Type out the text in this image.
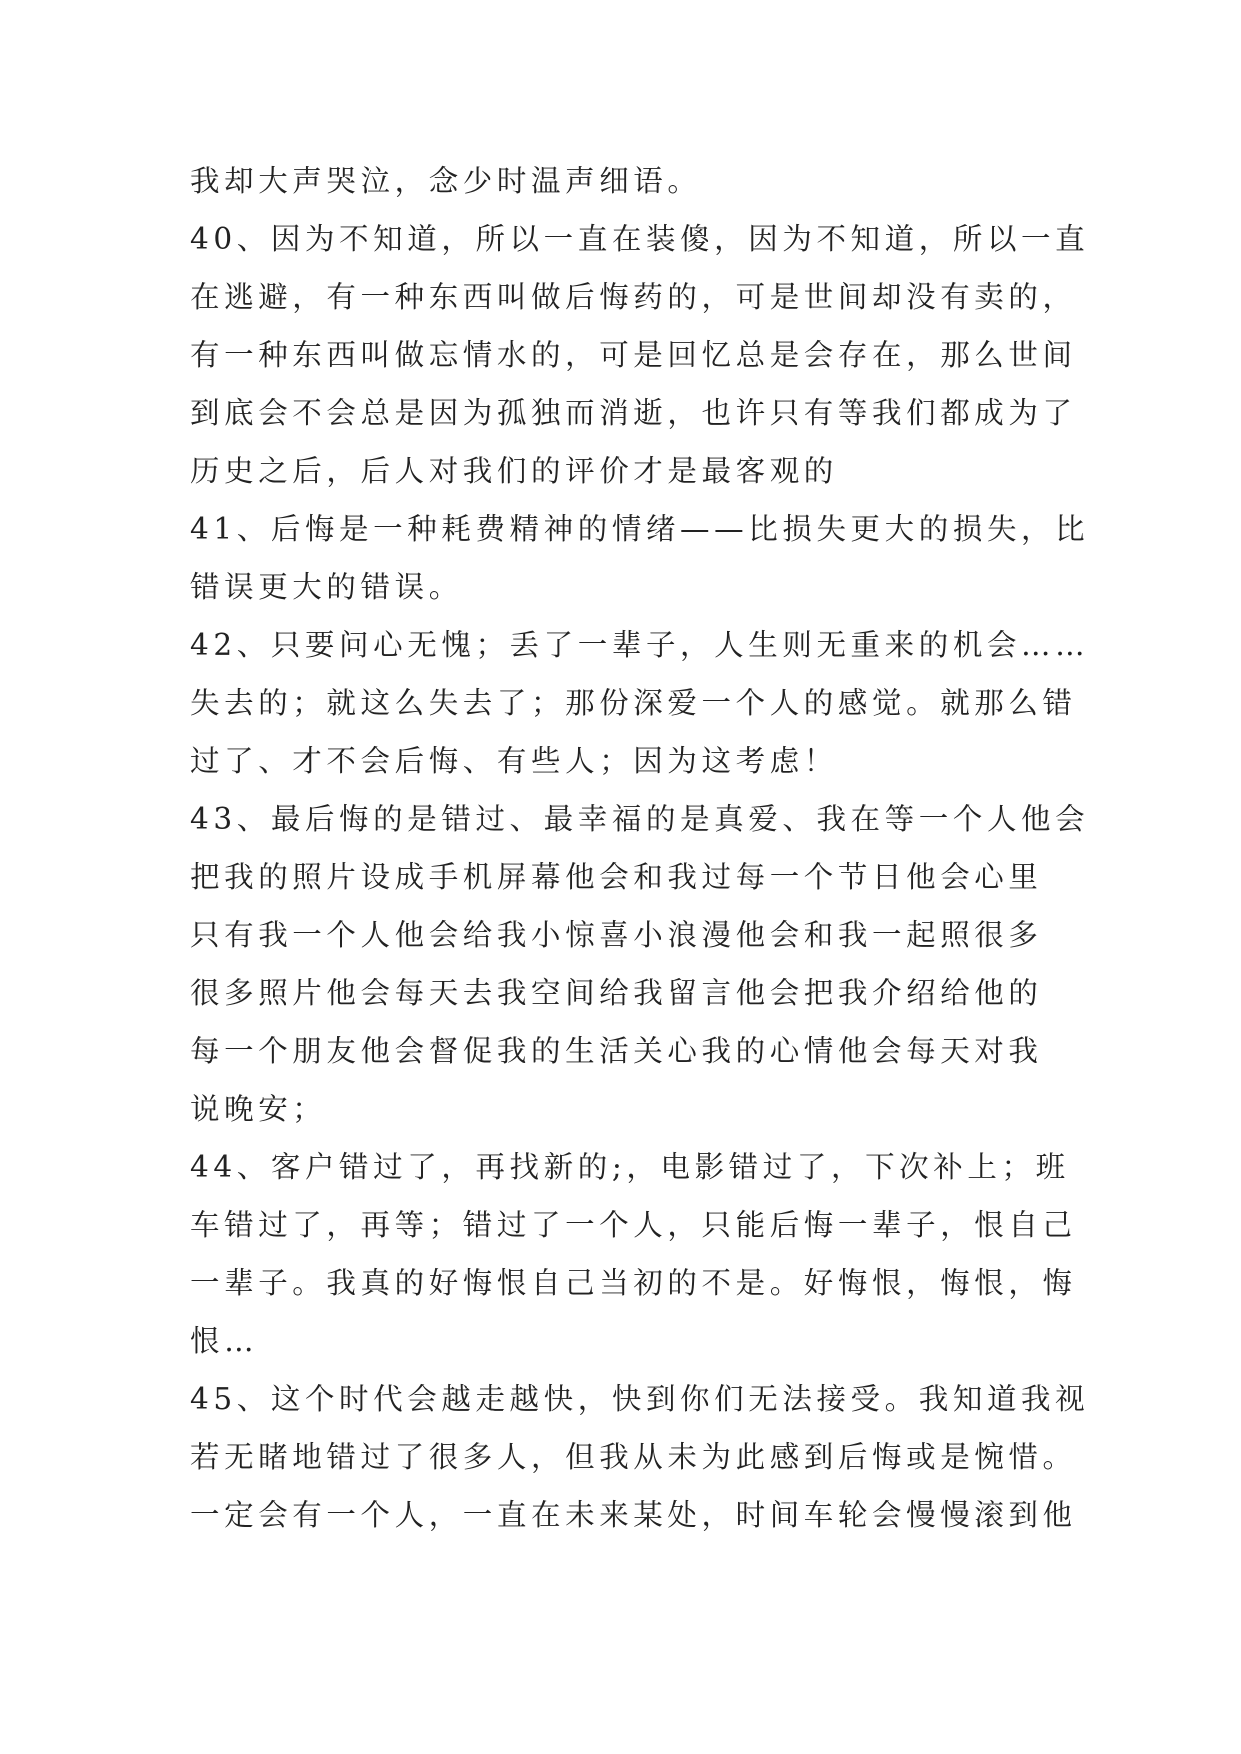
我却大声哭泣，念少时温声细语。
40、因为不知道，所以一直在装傻，因为不知道，所以一直
在逃避，有一种东西叫做后悔药的，可是世间却没有卖的，
有一种东西叫做忘情水的，可是回忆总是会存在，那么世间
到底会不会总是因为孤独而消逝，也许只有等我们都成为了
历史之后，后人对我们的评价才是最客观的
41、后悔是一种耗费精神的情绪——比损失更大的损失，比
错误更大的错误。
42、只要问心无愧；丢了一辈子，人生则无重来的机会……
失去的；就这么失去了；那份深爱一个人的感觉。就那么错
过了、才不会后悔、有些人；因为这考虑！
43、最后悔的是错过、最幸福的是真爱、我在等一个人他会
把我的照片设成手机屏幕他会和我过每一个节日他会心里
只有我一个人他会给我小惊喜小浪漫他会和我一起照很多
很多照片他会每天去我空间给我留言他会把我介绍给他的
每一个朋友他会督促我的生活关心我的心情他会每天对我
说晚安；
44、客户错过了，再找新的;，电影错过了，下次补上；班
车错过了，再等；错过了一个人，只能后悔一辈子，恨自己
一辈子。我真的好悔恨自己当初的不是。好悔恨，悔恨，悔
恨…
45、这个时代会越走越快，快到你们无法接受。我知道我视
若无睹地错过了很多人，但我从未为此感到后悔或是惋惜。
一定会有一个人，一直在未来某处，时间车轮会慢慢滚到他
